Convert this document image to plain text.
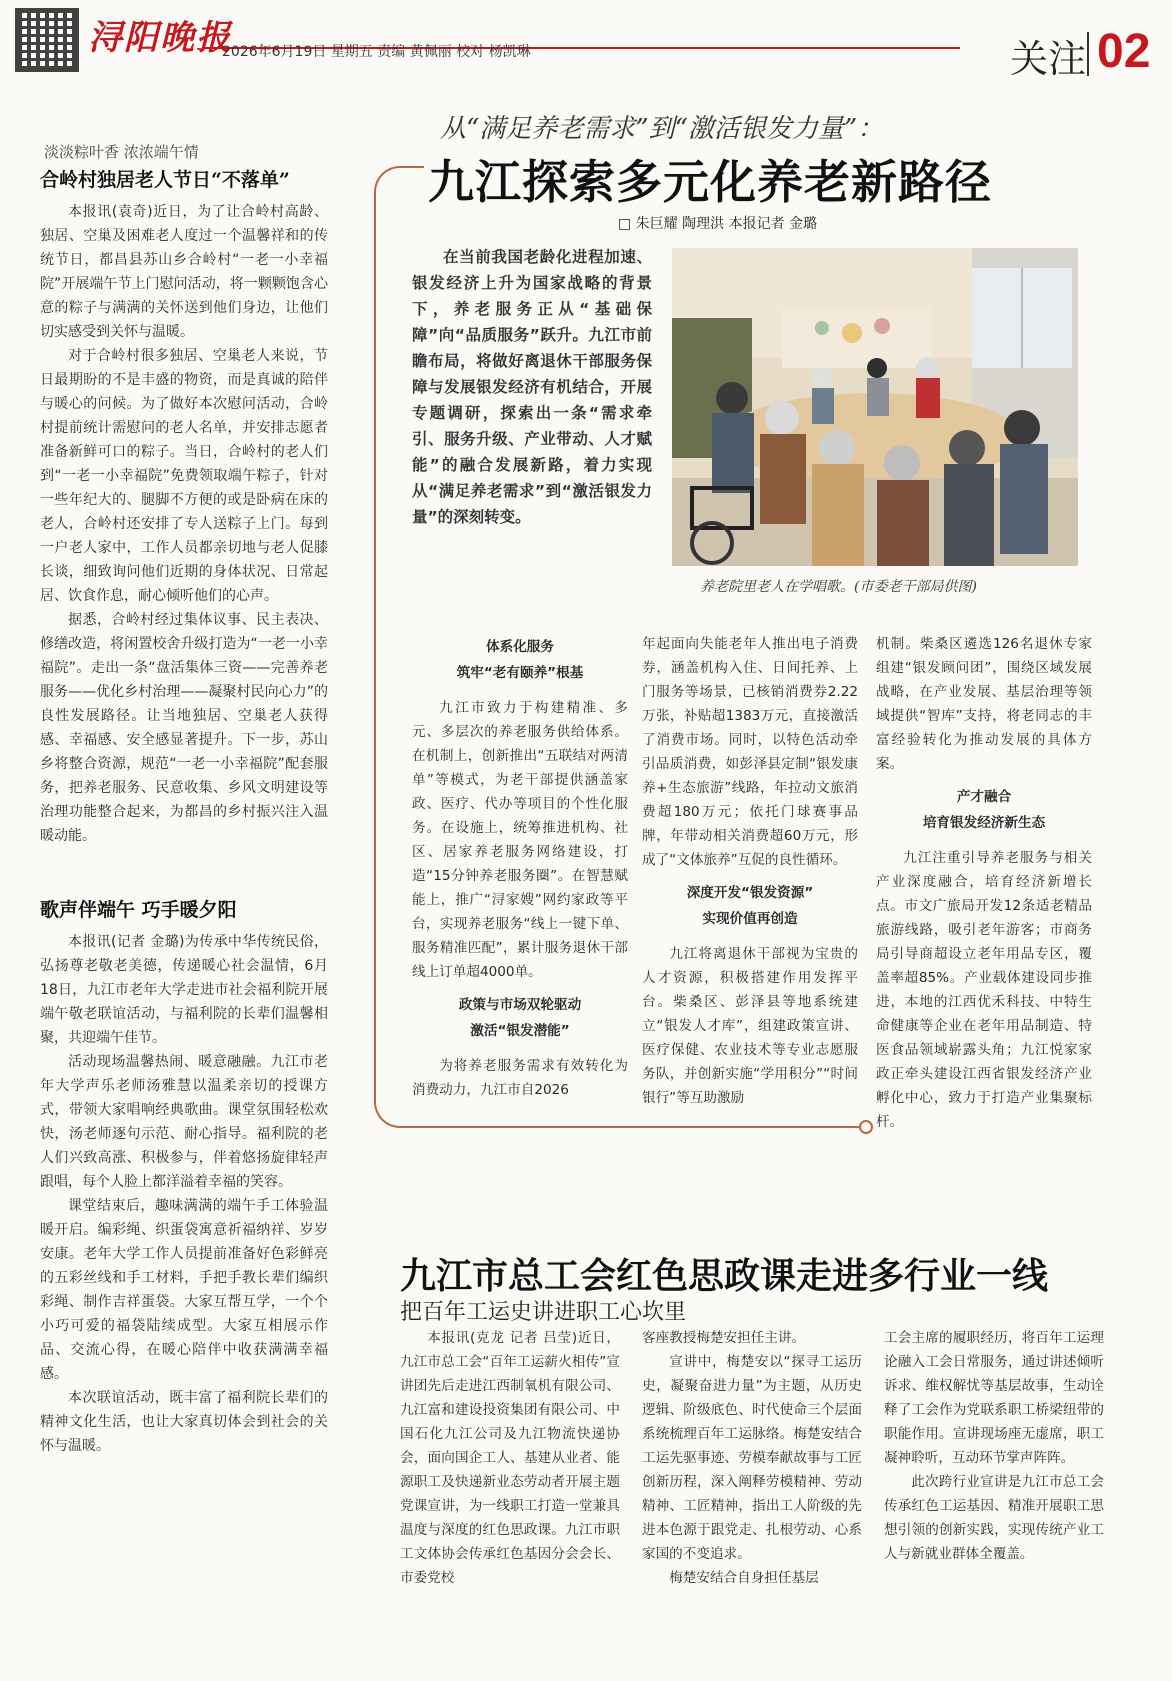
浔阳晚报
2026年6月19日 星期五 责编 黄佩丽 校对 杨凯琳	关注 02
淡淡粽叶香 浓浓端午情
合岭村独居老人节日“不落单”

本报讯(袁奇)近日，为了让合岭村高龄、独居、空巢及困难老人度过一个温馨祥和的传统节日，都昌县苏山乡合岭村“一老一小幸福院”开展端午节上门慰问活动，将一颗颗饱含心意的粽子与满满的关怀送到他们身边，让他们切实感受到关怀与温暖。

对于合岭村很多独居、空巢老人来说，节日最期盼的不是丰盛的物资，而是真诚的陪伴与暖心的问候。为了做好本次慰问活动，合岭村提前统计需慰问的老人名单，并安排志愿者准备新鲜可口的粽子。当日，合岭村的老人们到“一老一小幸福院”免费领取端午粽子，针对一些年纪大的、腿脚不方便的或是卧病在床的老人，合岭村还安排了专人送粽子上门。每到一户老人家中，工作人员都亲切地与老人促膝长谈，细致询问他们近期的身体状况、日常起居、饮食作息，耐心倾听他们的心声。

据悉，合岭村经过集体议事、民主表决、修缮改造，将闲置校舍升级打造为“一老一小幸福院”。走出一条“盘活集体三资——完善养老服务——优化乡村治理——凝聚村民向心力”的良性发展路径。让当地独居、空巢老人获得感、幸福感、安全感显著提升。下一步，苏山乡将整合资源，规范“一老一小幸福院”配套服务，把养老服务、民意收集、乡风文明建设等治理功能整合起来，为都昌的乡村振兴注入温暖动能。

歌声伴端午 巧手暖夕阳

本报讯(记者 金璐)为传承中华传统民俗，弘扬尊老敬老美德，传递暖心社会温情，6月18日，九江市老年大学走进市社会福利院开展端午敬老联谊活动，与福利院的长辈们温馨相聚，共迎端午佳节。

活动现场温馨热闹、暖意融融。九江市老年大学声乐老师汤雅慧以温柔亲切的授课方式，带领大家唱响经典歌曲。课堂氛围轻松欢快，汤老师逐句示范、耐心指导。福利院的老人们兴致高涨、积极参与，伴着悠扬旋律轻声跟唱，每个人脸上都洋溢着幸福的笑容。

课堂结束后，趣味满满的端午手工体验温暖开启。编彩绳、织蛋袋寓意祈福纳祥、岁岁安康。老年大学工作人员提前准备好色彩鲜亮的五彩丝线和手工材料，手把手教长辈们编织彩绳、制作吉祥蛋袋。大家互帮互学，一个个小巧可爱的福袋陆续成型。大家互相展示作品、交流心得，在暖心陪伴中收获满满幸福感。

本次联谊活动，既丰富了福利院长辈们的精神文化生活，也让大家真切体会到社会的关怀与温暖。

从“满足养老需求”到“激活银发力量”：
九江探索多元化养老新路径
□ 朱巨耀 陶理洪 本报记者 金璐

在当前我国老龄化进程加速、银发经济上升为国家战略的背景下，养老服务正从“基础保障”向“品质服务”跃升。九江市前瞻布局，将做好离退休干部服务保障与发展银发经济有机结合，开展专题调研，探索出一条“需求牵引、服务升级、产业带动、人才赋能”的融合发展新路，着力实现从“满足养老需求”到“激活银发力量”的深刻转变。

养老院里老人在学唱歌。(市委老干部局供图)
体系化服务
筑牢“老有颐养”根基

九江市致力于构建精准、多元、多层次的养老服务供给体系。在机制上，创新推出“五联结对两清单”等模式，为老干部提供涵盖家政、医疗、代办等项目的个性化服务。在设施上，统筹推进机构、社区、居家养老服务网络建设，打造“15分钟养老服务圈”。在智慧赋能上，推广“浔家嫂”网约家政等平台，实现养老服务“线上一键下单、服务精准匹配”，累计服务退休干部线上订单超4000单。

政策与市场双轮驱动
激活“银发潜能”

为将养老服务需求有效转化为消费动力，九江市自2026

年起面向失能老年人推出电子消费券，涵盖机构入住、日间托养、上门服务等场景，已核销消费券2.22万张，补贴超1383万元，直接激活了消费市场。同时，以特色活动牵引品质消费，如彭泽县定制“银发康养+生态旅游”线路，年拉动文旅消费超180万元；依托门球赛事品牌，年带动相关消费超60万元，形成了“文体旅养”互促的良性循环。

深度开发“银发资源”
实现价值再创造

九江将离退休干部视为宝贵的人才资源，积极搭建作用发挥平台。柴桑区、彭泽县等地系统建立“银发人才库”，组建政策宣讲、医疗保健、农业技术等专业志愿服务队，并创新实施“学用积分”“时间银行”等互助激励

机制。柴桑区遴选126名退休专家组建“银发顾问团”，围绕区域发展战略，在产业发展、基层治理等领域提供“智库”支持，将老同志的丰富经验转化为推动发展的具体方案。

产才融合
培育银发经济新生态

九江注重引导养老服务与相关产业深度融合，培育经济新增长点。市文广旅局开发12条适老精品旅游线路，吸引老年游客；市商务局引导商超设立老年用品专区，覆盖率超85%。产业载体建设同步推进，本地的江西优禾科技、中特生命健康等企业在老年用品制造、特医食品领域崭露头角；九江悦家家政正牵头建设江西省银发经济产业孵化中心，致力于打造产业集聚标杆。

九江市总工会红色思政课走进多行业一线
把百年工运史讲进职工心坎里

本报讯(克龙 记者 吕莹)近日，九江市总工会“百年工运薪火相传”宣讲团先后走进江西制氧机有限公司、九江富和建设投资集团有限公司、中国石化九江公司及九江物流快递协会，面向国企工人、基建从业者、能源职工及快递新业态劳动者开展主题党课宣讲，为一线职工打造一堂兼具温度与深度的红色思政课。九江市职工文体协会传承红色基因分会会长、市委党校

客座教授梅楚安担任主讲。

宣讲中，梅楚安以“探寻工运历史，凝聚奋进力量”为主题，从历史逻辑、阶级底色、时代使命三个层面系统梳理百年工运脉络。梅楚安结合工运先驱事迹、劳模奉献故事与工匠创新历程，深入阐释劳模精神、劳动精神、工匠精神，指出工人阶级的先进本色源于跟党走、扎根劳动、心系家国的不变追求。

梅楚安结合自身担任基层

工会主席的履职经历，将百年工运理论融入工会日常服务，通过讲述倾听诉求、维权解忧等基层故事，生动诠释了工会作为党联系职工桥梁纽带的职能作用。宣讲现场座无虚席，职工凝神聆听，互动环节掌声阵阵。

此次跨行业宣讲是九江市总工会传承红色工运基因、精准开展职工思想引领的创新实践，实现传统产业工人与新就业群体全覆盖。
